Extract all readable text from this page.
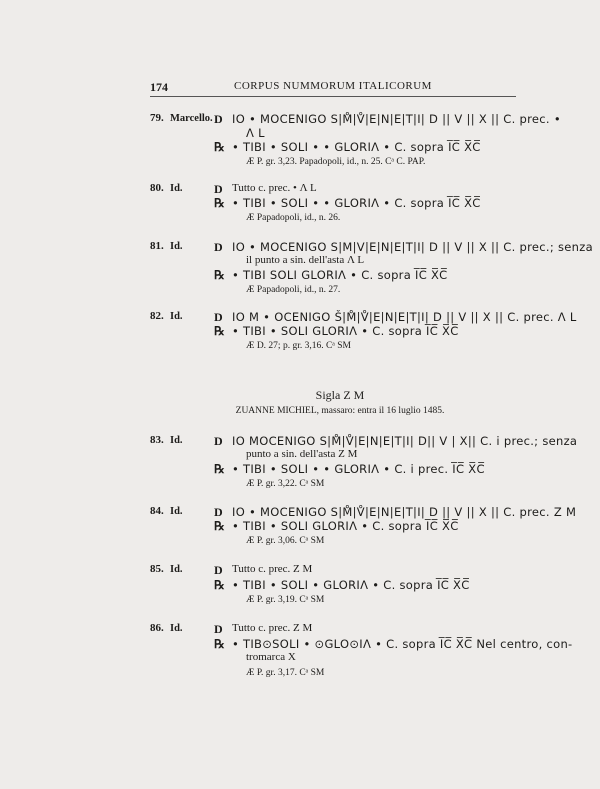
174	CORPUS NUMMORUM ITALICORUM
79. Marcello. D IO • MOCENIGO S|M̊|V̊|E|N|E|T|I| D || V || X || C. prec. •
Λ L
℞ • TIBI • SOLI • • GLORIΛ • C. sopra I̅C̅ X̅C̅
Æ P. gr. 3,23. Papadopoli, id., n. 25. Cᵃ C. PAP.
80. Id.	D Tutto c. prec. • Λ L
℞ • TIBI • SOLI • • GLORIΛ • C. sopra I̅C̅ X̅C̅
Æ Papadopoli, id., n. 26.
81. Id.	D IO • MOCENIGO S|M|V|E|N|E|T|I| D || V || X || C. prec.; senza
il punto a sin. dell'asta Λ L
℞ • TIBI SOLI GLORIΛ • C. sopra I̅C̅ X̅C̅
Æ Papadopoli, id., n. 27.
82. Id.	D IO M • OCENIGO Š|M̊|V̊|E|N|E|T|I| D || V || X || C. prec. Λ L
℞ • TIBI • SOLI GLORIΛ • C. sopra I̅C̅ X̅C̅
Æ D. 27; p. gr. 3,16. Cᵃ SM
Sigla Z M
ZUANNE MICHIEL, massaro: entra il 16 luglio 1485.
83. Id.	D IO MOCENIGO S|M̊|V̊|E|N|E|T|I| D|| V | X|| C. i prec.; senza
punto a sin. dell'asta Z M
℞ • TIBI • SOLI • • GLORIΛ • C. i prec. I̅C̅ X̅C̅
Æ P. gr. 3,22. Cᵃ SM
84. Id.	D IO • MOCENIGO S|M̊|V̊|E|N|E|T|I| D || V || X || C. prec. Z M
℞ • TIBI • SOLI GLORIΛ • C. sopra I̅C̅ X̅C̅
Æ P. gr. 3,06. Cᵃ SM
85. Id.	D Tutto c. prec. Z M
℞ • TIBI • SOLI • GLORIΛ • C. sopra I̅C̅ X̅C̅
Æ P. gr. 3,19. Cᵃ SM
86. Id.	D Tutto c. prec. Z M
℞ • TIB⊙SOLI • ⊙GLO⊙IΛ • C. sopra I̅C̅ X̅C̅ Nel centro, con-
tromarca X
Æ P. gr. 3,17. Cᵃ SM
